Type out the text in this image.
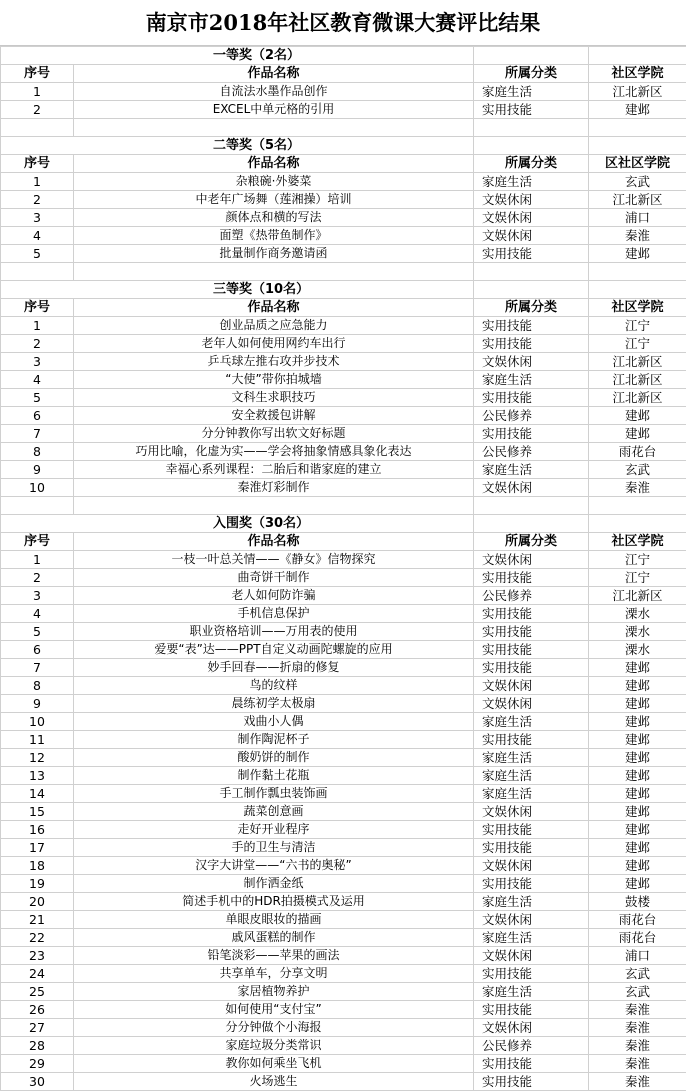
南京市2018年社区教育微课大赛评比结果
一等奖（2名）			
序号	作品名称	所属分类	社区学院
1	自流法水墨作品创作	家庭生活	江北新区
2	EXCEL中单元格的引用	实用技能	建邺

二等奖（5名）			
序号	作品名称	所属分类	区社区学院
1	杂粮碗·外婆菜	家庭生活	玄武
2	中老年广场舞（莲湘操）培训	文娱休闲	江北新区
3	颜体点和横的写法	文娱休闲	浦口
4	面塑《热带鱼制作》	文娱休闲	秦淮
5	批量制作商务邀请函	实用技能	建邺

三等奖（10名）			
序号	作品名称	所属分类	社区学院
1	创业品质之应急能力	实用技能	江宁
2	老年人如何使用网约车出行	实用技能	江宁
3	乒乓球左推右攻并步技术	文娱休闲	江北新区
4	“大使”带你拍城墙	家庭生活	江北新区
5	文科生求职技巧	实用技能	江北新区
6	安全救援包讲解	公民修养	建邺
7	分分钟教你写出软文好标题	实用技能	建邺
8	巧用比喻，化虚为实——学会将抽象情感具象化表达	公民修养	雨花台
9	幸福心系列课程：二胎后和谐家庭的建立	家庭生活	玄武
10	秦淮灯彩制作	文娱休闲	秦淮

入围奖（30名）			
序号	作品名称	所属分类	社区学院
1	一枝一叶总关情——《静女》信物探究	文娱休闲	江宁
2	曲奇饼干制作	实用技能	江宁
3	老人如何防诈骗	公民修养	江北新区
4	手机信息保护	实用技能	溧水
5	职业资格培训——万用表的使用	实用技能	溧水
6	爱要“表”达——PPT自定义动画陀螺旋的应用	实用技能	溧水
7	妙手回春——折扇的修复	实用技能	建邺
8	鸟的纹样	文娱休闲	建邺
9	晨练初学太极扇	文娱休闲	建邺
10	戏曲小人偶	家庭生活	建邺
11	制作陶泥杯子	实用技能	建邺
12	酸奶饼的制作	家庭生活	建邺
13	制作黏土花瓶	家庭生活	建邺
14	手工制作瓢虫装饰画	家庭生活	建邺
15	蔬菜创意画	文娱休闲	建邺
16	走好开业程序	实用技能	建邺
17	手的卫生与清洁	实用技能	建邺
18	汉字大讲堂——“六书的奥秘”	文娱休闲	建邺
19	制作洒金纸	实用技能	建邺
20	简述手机中的HDR拍摄模式及运用	家庭生活	鼓楼
21	单眼皮眼妆的描画	文娱休闲	雨花台
22	戚风蛋糕的制作	家庭生活	雨花台
23	铅笔淡彩——苹果的画法	文娱休闲	浦口
24	共享单车，分享文明	实用技能	玄武
25	家居植物养护	家庭生活	玄武
26	如何使用“支付宝”	实用技能	秦淮
27	分分钟做个小海报	文娱休闲	秦淮
28	家庭垃圾分类常识	公民修养	秦淮
29	教你如何乘坐飞机	实用技能	秦淮
30	火场逃生	实用技能	秦淮
